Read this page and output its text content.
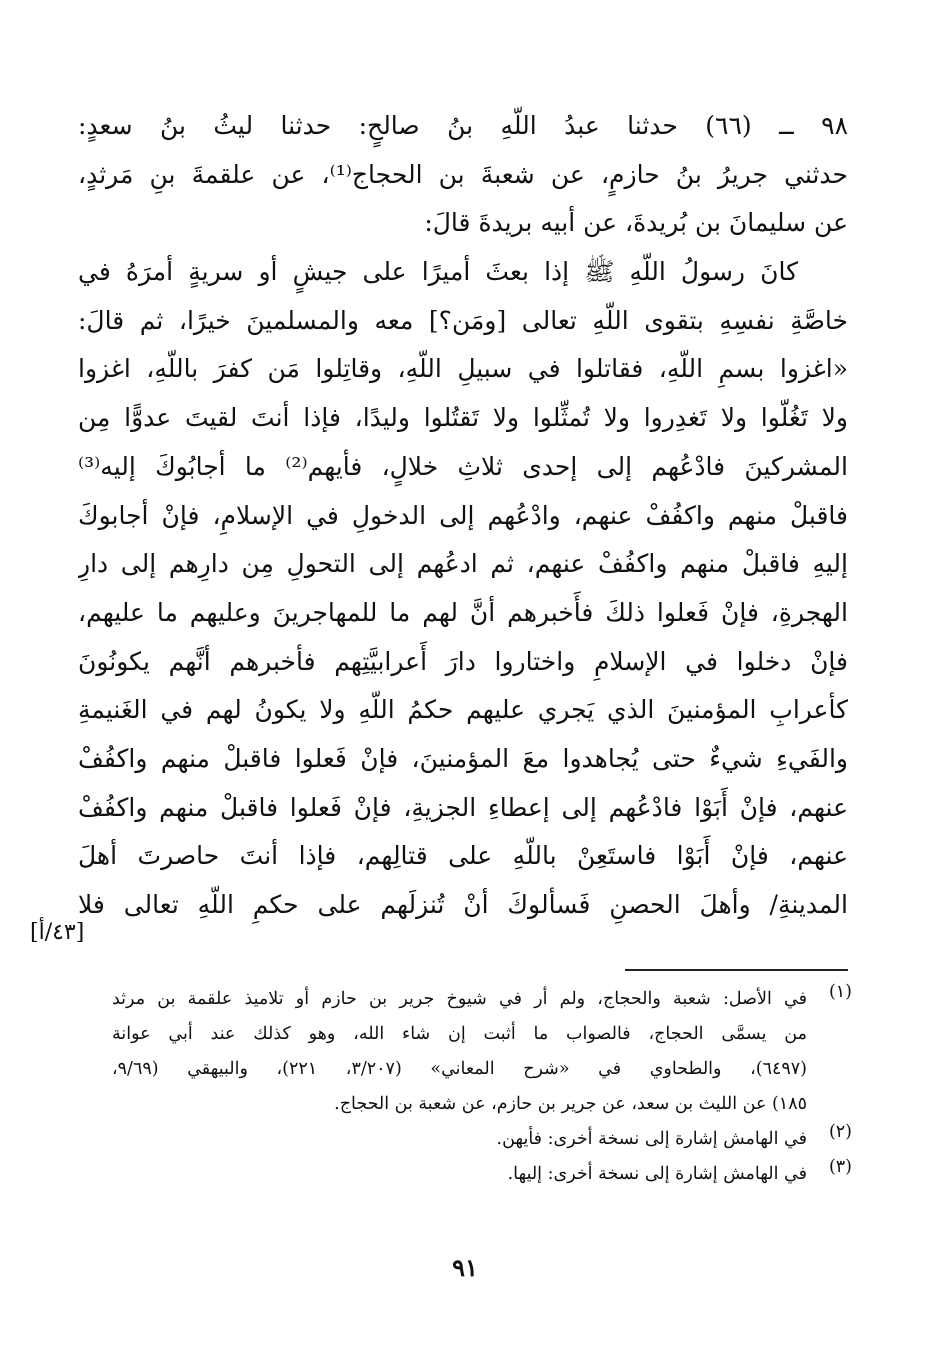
٩٨ ــ (٦٦) حدثنا عبدُ اللّهِ بنُ صالحٍ: حدثنا ليثُ بنُ سعدٍ:
حدثني جريرُ بنُ حازمٍ، عن شعبةَ بن الحجاج⁽¹⁾، عن علقمةَ بنِ مَرثدٍ،
عن سليمانَ بن بُريدةَ، عن أبيه بريدةَ قالَ:
كانَ رسولُ اللّهِ ﷺ إذا بعثَ أميرًا على جيشٍ أو سريةٍ أمرَهُ في
خاصَّةِ نفسِهِ بتقوى اللّهِ تعالى [ومَن؟] معه والمسلمينَ خيرًا، ثم قالَ:
«اغزوا بسمِ اللّهِ، فقاتلوا في سبيلِ اللّهِ، وقاتِلوا مَن كفرَ باللّهِ، اغزوا
ولا تَغُلّوا ولا تَغدِروا ولا تُمثِّلوا ولا تَقتُلوا وليدًا، فإذا أنتَ لقيتَ عدوًّا مِن
المشركينَ فادْعُهم إلى إحدى ثلاثِ خلالٍ، فأيهم⁽²⁾ ما أجابُوكَ إليه⁽³⁾
فاقبلْ منهم واكفُفْ عنهم، وادْعُهم إلى الدخولِ في الإسلامِ، فإنْ أجابوكَ
إليهِ فاقبلْ منهم واكفُفْ عنهم، ثم ادعُهم إلى التحولِ مِن دارِهم إلى دارِ
الهجرةِ، فإنْ فَعلوا ذلكَ فأَخبرهم أنَّ لهم ما للمهاجرينَ وعليهم ما عليهم،
فإنْ دخلوا في الإسلامِ واختاروا دارَ أَعرابيَّتِهم فأخبرهم أنَّهم يكونُونَ
كأعرابِ المؤمنينَ الذي يَجري عليهم حكمُ اللّهِ ولا يكونُ لهم في الغَنيمةِ
والفَيءِ شيءٌ حتى يُجاهدوا معَ المؤمنينَ، فإنْ فَعلوا فاقبلْ منهم واكفُفْ
عنهم، فإنْ أَبَوْا فادْعُهم إلى إعطاءِ الجزيةِ، فإنْ فَعلوا فاقبلْ منهم واكفُفْ
عنهم، فإنْ أَبَوْا فاستَعِنْ باللّهِ على قتالِهم، فإذا أنتَ حاصرتَ أهلَ
المدينةِ/ وأهلَ الحصنِ فَسألوكَ أنْ تُنزلَهم على حكمِ اللّهِ تعالى فلا
[٤٣/أ]
(١)
في الأصل: شعبة والحجاج، ولم أر في شيوخ جرير بن حازم أو تلاميذ علقمة بن مرثد
من يسمَّى الحجاج، فالصواب ما أثبت إن شاء الله، وهو كذلك عند أبي عوانة
(٦٤٩٧)، والطحاوي في «شرح المعاني» (٣/٢٠٧، ٢٢١)، والبيهقي (٩/٦٩،
١٨٥) عن الليث بن سعد، عن جرير بن حازم، عن شعبة بن الحجاج.
(٢)
في الهامش إشارة إلى نسخة أخرى: فأيهن.
(٣)
في الهامش إشارة إلى نسخة أخرى: إليها.
٩١
